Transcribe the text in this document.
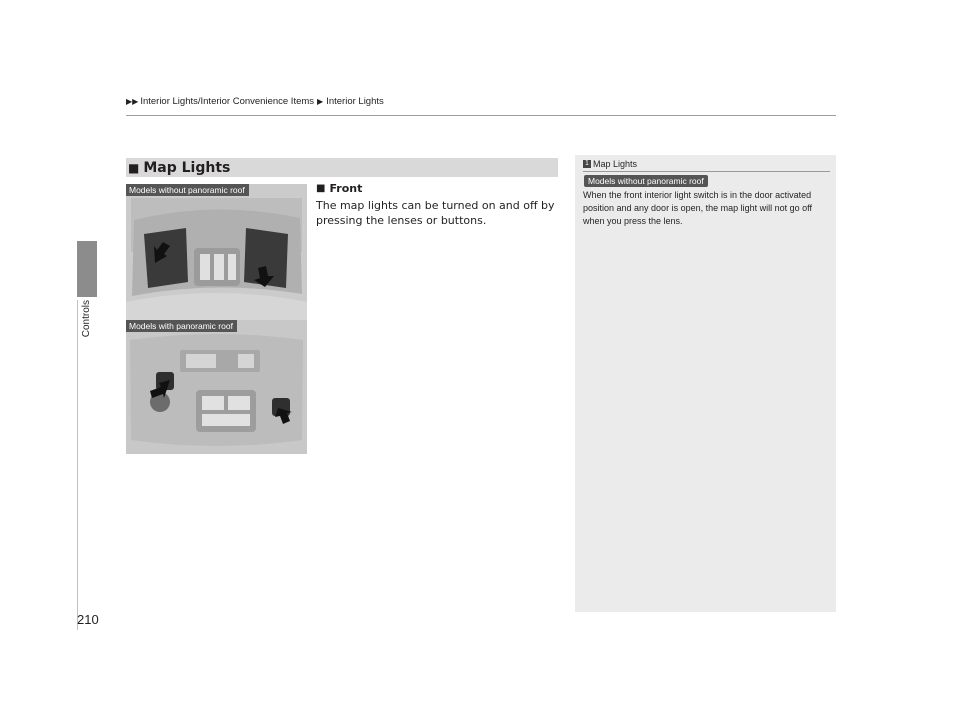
▶▶ Interior Lights/Interior Convenience Items ▶ Interior Lights
Controls
210
■ Map Lights
Models without panoramic roof
Models with panoramic roof
■ Front
The map lights can be turned on and off by pressing the lenses or buttons.
1 Map Lights
Models without panoramic roof
When the front interior light switch is in the door activated position and any door is open, the map light will not go off when you press the lens.
